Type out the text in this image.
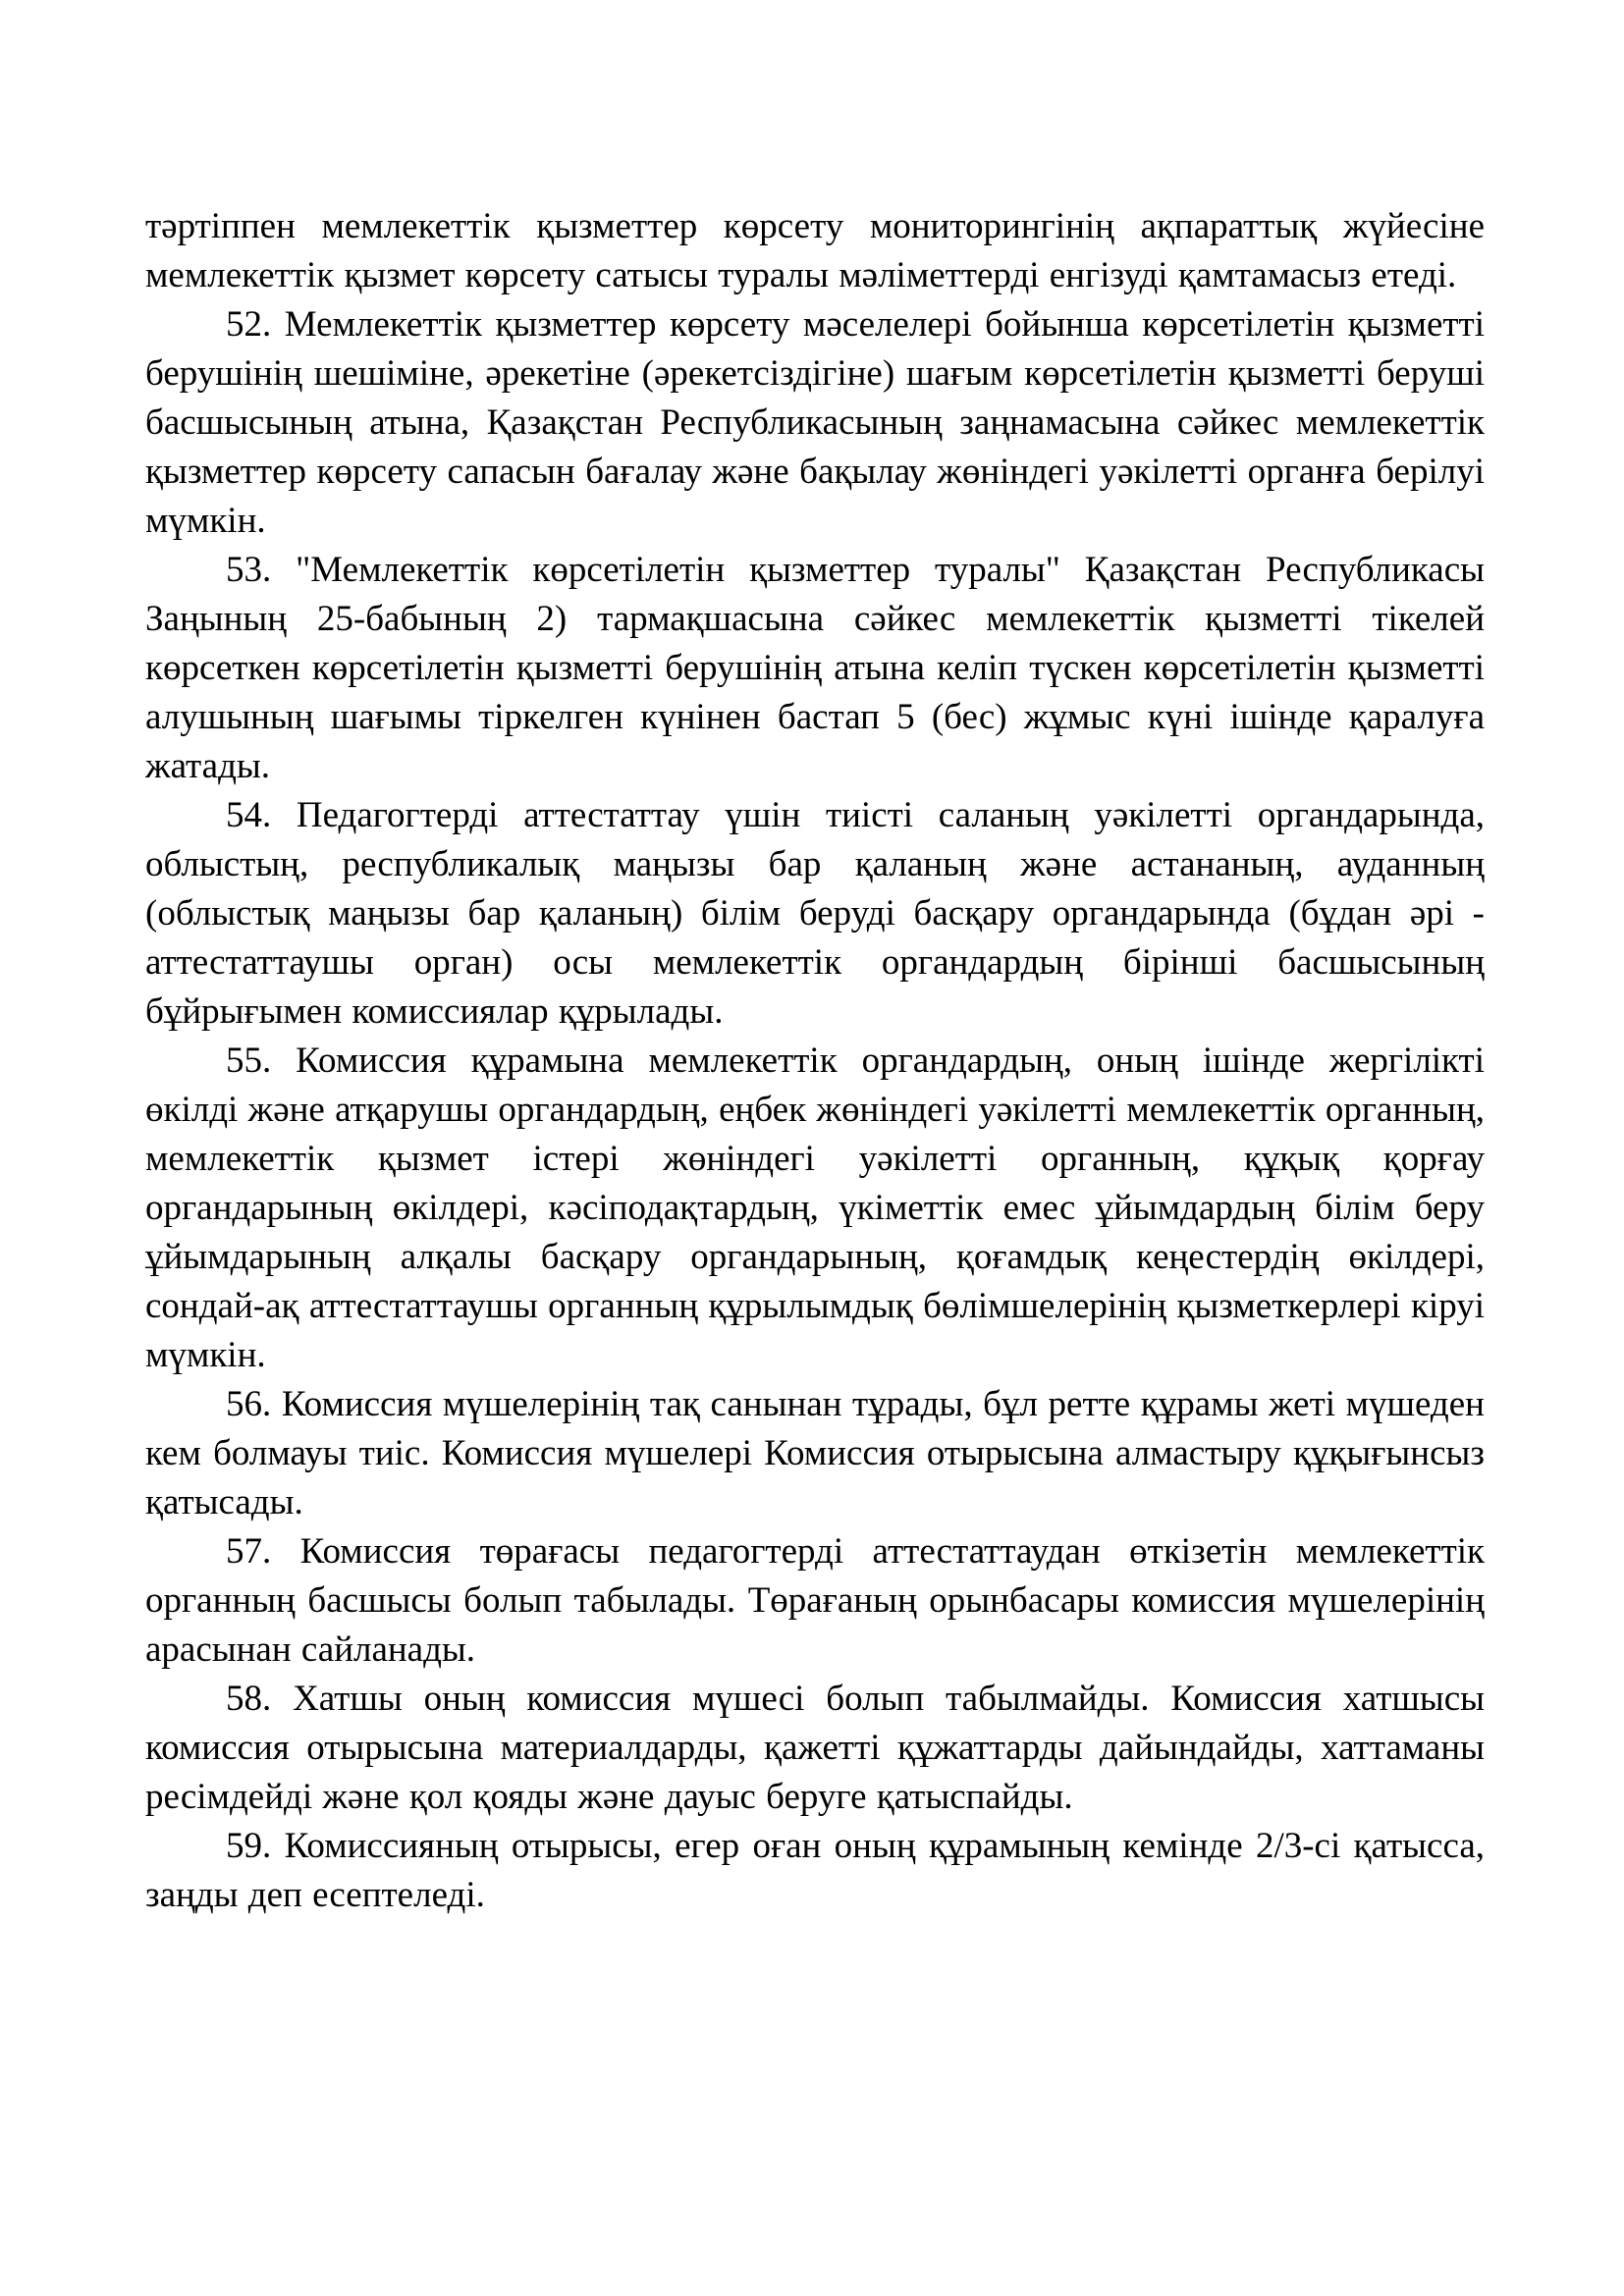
тәртіппен мемлекеттік қызметтер көрсету мониторингінің ақпараттық жүйесіне мемлекеттік қызмет көрсету сатысы туралы мәліметтерді енгізуді қамтамасыз етеді.

52. Мемлекеттік қызметтер көрсету мәселелері бойынша көрсетілетін қызметті берушінің шешіміне, әрекетіне (әрекетсіздігіне) шағым көрсетілетін қызметті беруші басшысының атына, Қазақстан Республикасының заңнамасына сәйкес мемлекеттік қызметтер көрсету сапасын бағалау және бақылау жөніндегі уәкілетті органға берілуі мүмкін.

53. "Мемлекеттік көрсетілетін қызметтер туралы" Қазақстан Республикасы Заңының 25-бабының 2) тармақшасына сәйкес мемлекеттік қызметті тікелей көрсеткен көрсетілетін қызметті берушінің атына келіп түскен көрсетілетін қызметті алушының шағымы тіркелген күнінен бастап 5 (бес) жұмыс күні ішінде қаралуға жатады.

54. Педагогтерді аттестаттау үшін тиісті саланың уәкілетті органдарында, облыстың, республикалық маңызы бар қаланың және астананың, ауданның (облыстық маңызы бар қаланың) білім беруді басқару органдарында (бұдан әрі - аттестаттаушы орган) осы мемлекеттік органдардың бірінші басшысының бұйрығымен комиссиялар құрылады.

55. Комиссия құрамына мемлекеттік органдардың, оның ішінде жергілікті өкілді және атқарушы органдардың, еңбек жөніндегі уәкілетті мемлекеттік органның, мемлекеттік қызмет істері жөніндегі уәкілетті органның, құқық қорғау органдарының өкілдері, кәсіподақтардың, үкіметтік емес ұйымдардың білім беру ұйымдарының алқалы басқару органдарының, қоғамдық кеңестердің өкілдері, сондай-ақ аттестаттаушы органның құрылымдық бөлімшелерінің қызметкерлері кіруі мүмкін.

56. Комиссия мүшелерінің тақ санынан тұрады, бұл ретте құрамы жеті мүшеден кем болмауы тиіс. Комиссия мүшелері Комиссия отырысына алмастыру құқығынсыз қатысады.

57. Комиссия төрағасы педагогтерді аттестаттаудан өткізетін мемлекеттік органның басшысы болып табылады. Төрағаның орынбасары комиссия мүшелерінің арасынан сайланады.

58. Хатшы оның комиссия мүшесі болып табылмайды. Комиссия хатшысы комиссия отырысына материалдарды, қажетті құжаттарды дайындайды, хаттаманы ресімдейді және қол қояды және дауыс беруге қатыспайды.

59. Комиссияның отырысы, егер оған оның құрамының кемінде 2/3-сі қатысса, заңды деп есептеледі.
